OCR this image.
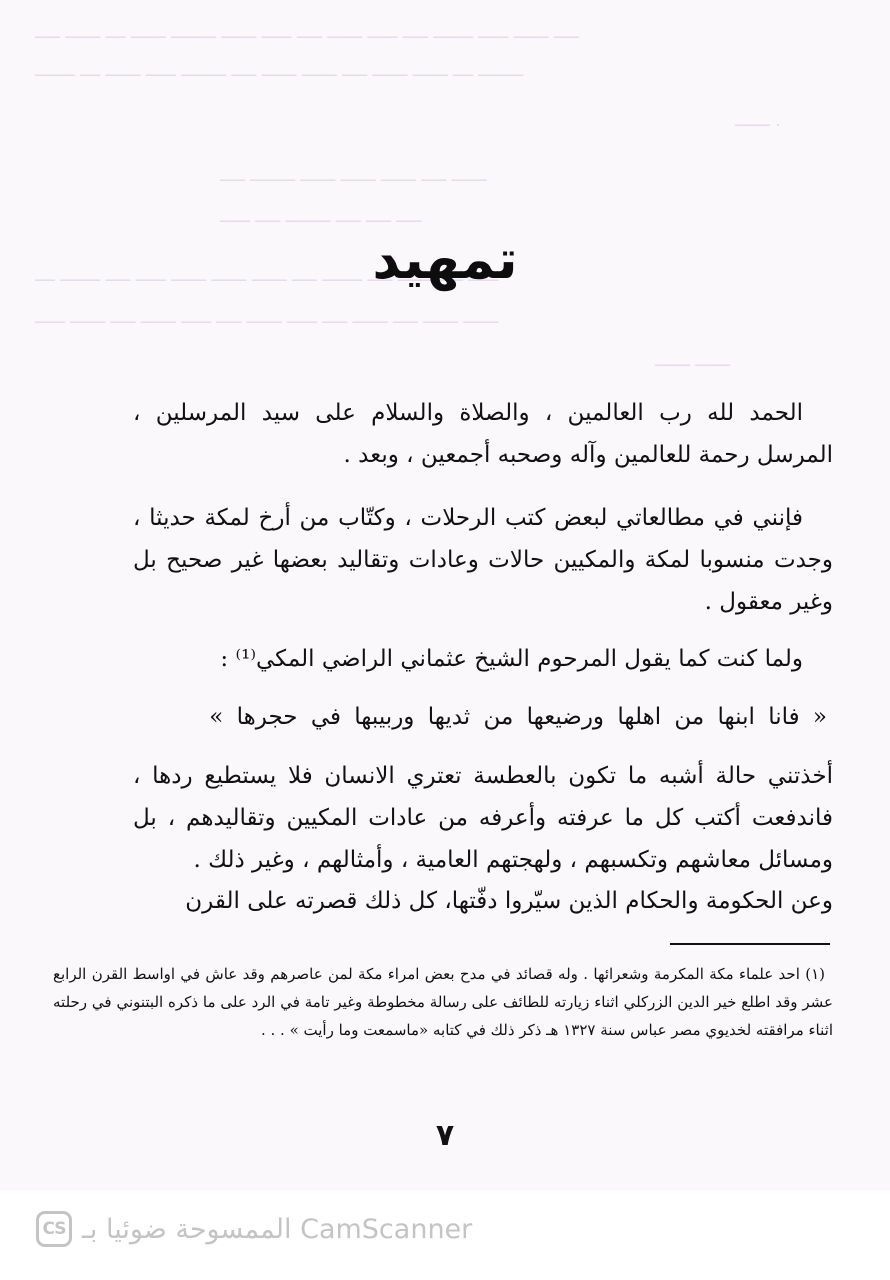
ـــــ ـــــــ ــــ ـــــــ ـــــــــ ـــــــ ــــــ ـــــ ـــــــ ــــــ ـــــ ــــــــ ــــــ ـــــــ ـــــ
ــــــــ ــــ ـــــــ ــــــ ـــــــــ ـــــ ـــــــ ـــــــ ـــــ ـــــــ ـــــــ ــــ ـــــــــ
ـــــــ .
ـــــ ـــــــــ ـــــــ ـــــــ ـــــــ ـــــ ـــــــ
ــــــ ـــــ ـــــــــ ـــــ ـــــ ـــــ
ــــ ــــــــ ـــــ ــــــ ـــــــ ـــــــ ـــــــ ـــــ ــــــــ ـــــ ـــــــ ـــــ ــــــ
ــــــ ـــــــ ـــــ ـــــــ ــــــ ـــــ ـــــــ ــــــ ـــــ ـــــــ ـــــ ـــــــ ـــــــ
ـــــــ ـــــــ
تمهيد

الحمد لله رب العالمين ، والصلاة والسلام على سيد المرسلين ، المرسل رحمة للعالمين وآله وصحبه أجمعين ، وبعد .

فإنني في مطالعاتي لبعض كتب الرحلات ، وكتّاب من أرخ لمكة حديثا ، وجدت منسوبا لمكة والمكيين حالات وعادات وتقاليد بعضها غير صحيح بل وغير معقول .

ولما كنت كما يقول المرحوم الشيخ عثماني الراضي المكي⁽¹⁾ :

« فانا ابنها من اهلها ورضيعها من ثديها وربيبها في حجرها »

أخذتني حالة أشبه ما تكون بالعطسة تعتري الانسان فلا يستطيع ردها ، فاندفعت أكتب كل ما عرفته وأعرفه من عادات المكيين وتقاليدهم ، بل ومسائل معاشهم وتكسبهم ، ولهجتهم العامية ، وأمثالهم ، وغير ذلك .

وعن الحكومة والحكام الذين سيّروا دفّتها، كل ذلك قصرته على القرن

(١) احد علماء مكة المكرمة وشعرائها . وله قصائد في مدح بعض امراء مكة لمن عاصرهم وقد عاش في اواسط القرن الرابع عشر وقد اطلع خير الدين الزركلي اثناء زيارته للطائف على رسالة مخطوطة وغير تامة في الرد على ما ذكره البتنوني في رحلته اثناء مرافقته لخديوي مصر عباس سنة ١٣٢٧ هـ ذكر ذلك في كتابه «ماسمعت وما رأيت » . . .

٧
CS الممسوحة ضوئيا بـ CamScanner
